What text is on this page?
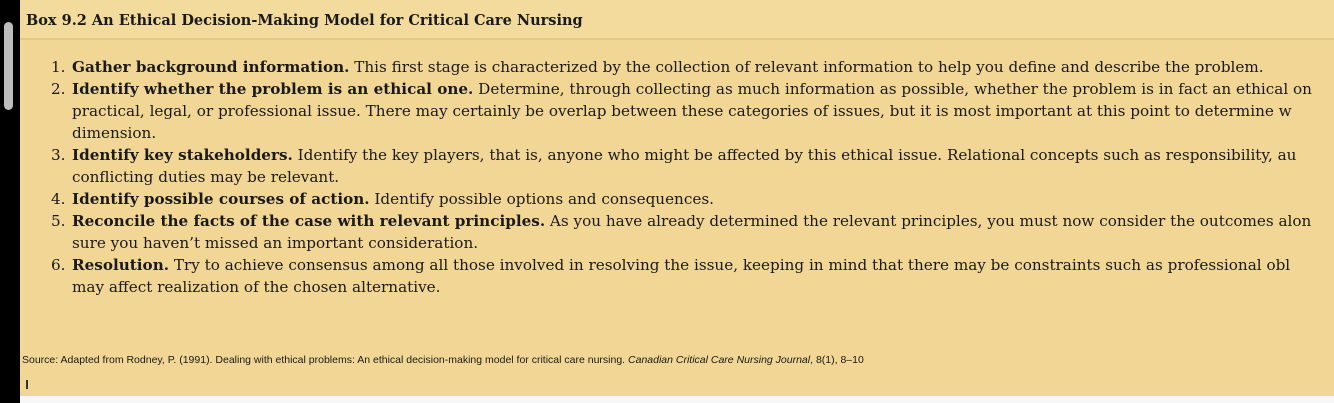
Box 9.2 An Ethical Decision-Making Model for Critical Care Nursing
1. Gather background information. This first stage is characterized by the collection of relevant information to help you define and describe the problem.
2. Identify whether the problem is an ethical one. Determine, through collecting as much information as possible, whether the problem is in fact an ethical on
practical, legal, or professional issue. There may certainly be overlap between these categories of issues, but it is most important at this point to determine w
dimension.
3. Identify key stakeholders. Identify the key players, that is, anyone who might be affected by this ethical issue. Relational concepts such as responsibility, au
conflicting duties may be relevant.
4. Identify possible courses of action. Identify possible options and consequences.
5. Reconcile the facts of the case with relevant principles. As you have already determined the relevant principles, you must now consider the outcomes alon
sure you haven’t missed an important consideration.
6. Resolution. Try to achieve consensus among all those involved in resolving the issue, keeping in mind that there may be constraints such as professional obl
may affect realization of the chosen alternative.
Source: Adapted from Rodney, P. (1991). Dealing with ethical problems: An ethical decision-making model for critical care nursing. Canadian Critical Care Nursing Journal, 8(1), 8–10
